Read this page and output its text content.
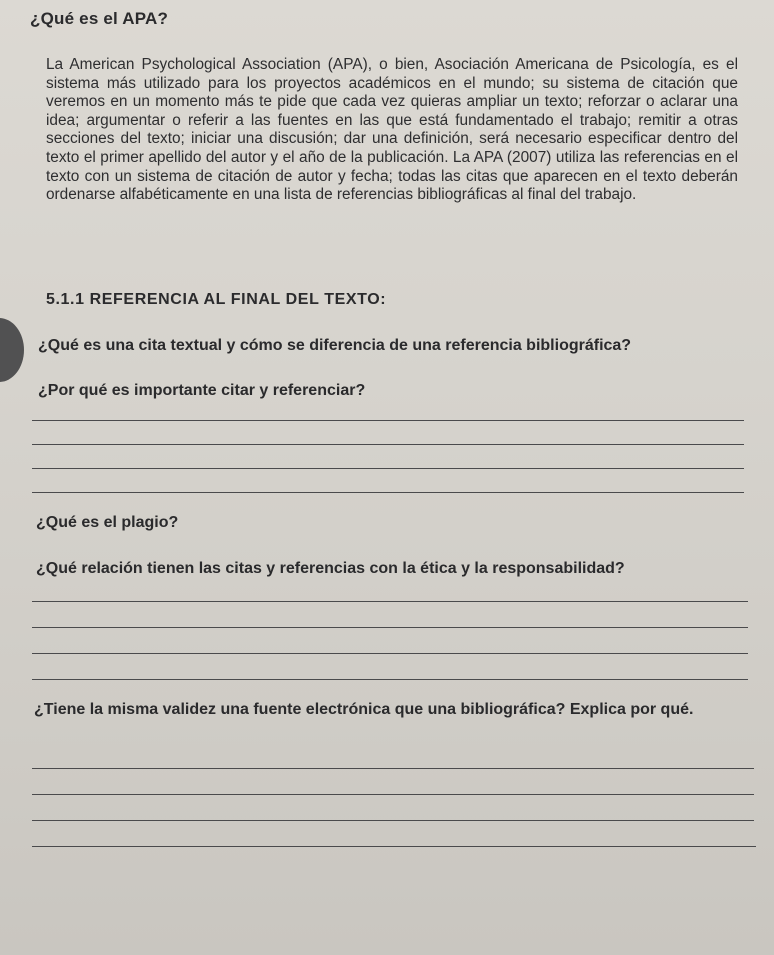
¿Qué es el APA?
La American Psychological Association (APA), o bien, Asociación Americana de Psicología, es el sistema más utilizado para los proyectos académicos en el mundo; su sistema de citación que veremos en un momento más te pide que cada vez quieras ampliar un texto; reforzar o aclarar una idea; argumentar o referir a las fuentes en las que está fundamentado el trabajo; remitir a otras secciones del texto; iniciar una discusión; dar una definición, será necesario especificar dentro del texto el primer apellido del autor y el año de la publicación. La APA (2007) utiliza las referencias en el texto con un sistema de citación de autor y fecha; todas las citas que aparecen en el texto deberán ordenarse alfabéticamente en una lista de referencias bibliográficas al final del trabajo.
5.1.1 REFERENCIA AL FINAL DEL TEXTO:
¿Qué es una cita textual y cómo se diferencia de una referencia bibliográfica?
¿Por qué es importante citar y referenciar?
¿Qué es el plagio?
¿Qué relación tienen las citas y referencias con la ética y la responsabilidad?
¿Tiene la misma validez una fuente electrónica que una bibliográfica? Explica por qué.
